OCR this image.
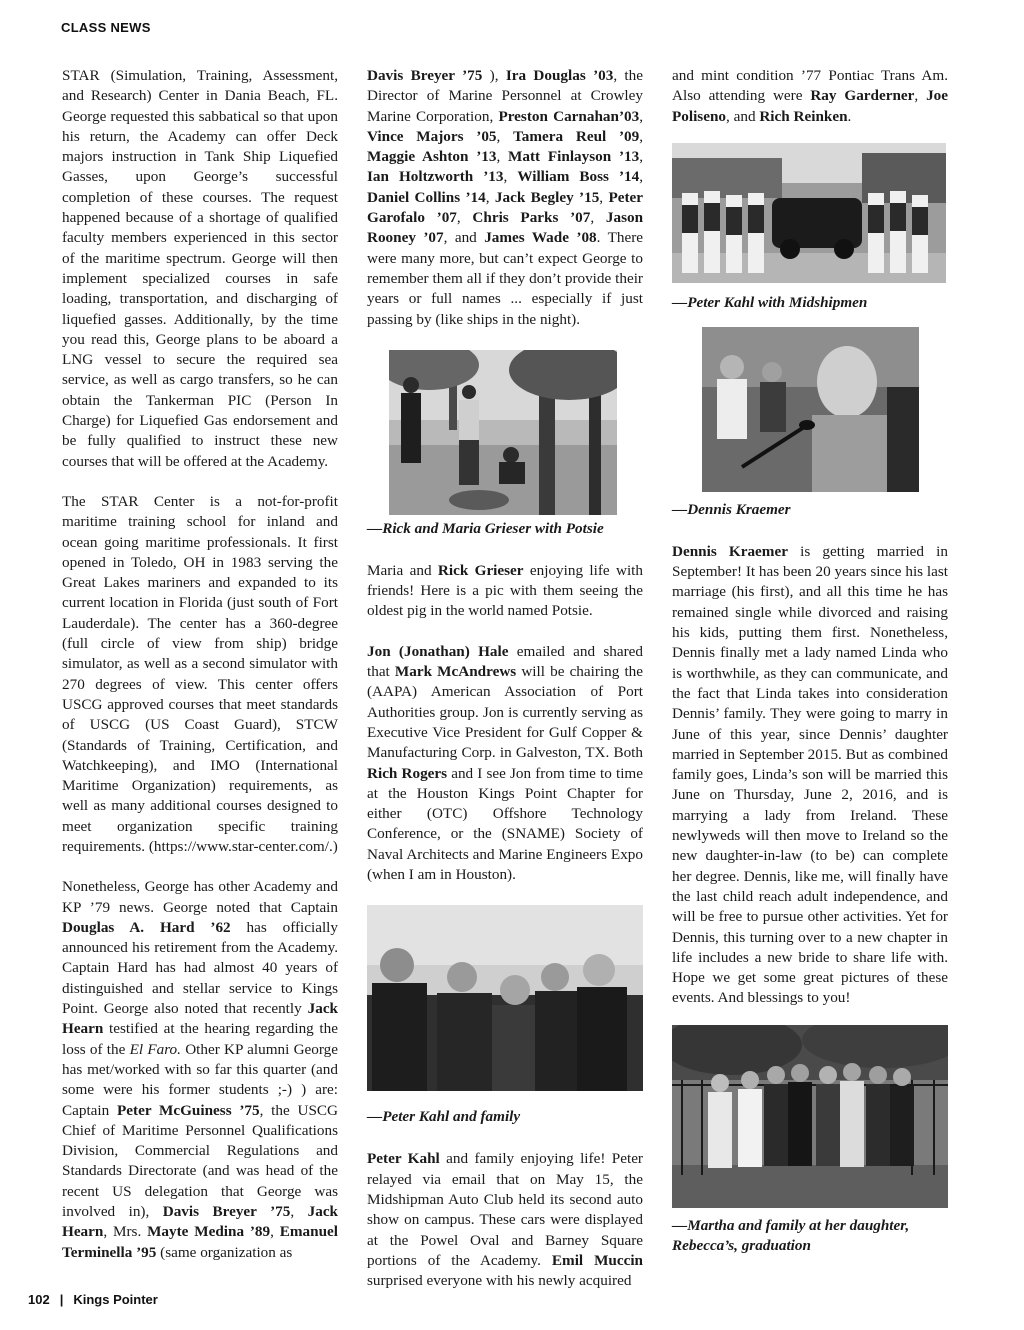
CLASS NEWS

STAR (Simulation, Training, Assessment, and Research) Center in Dania Beach, FL. George requested this sabbatical so that upon his return, the Academy can offer Deck majors instruction in Tank Ship Liquefied Gasses, upon George’s successful completion of these courses. The request happened because of a shortage of qualified faculty members experienced in this sector of the maritime spectrum. George will then implement specialized courses in safe loading, transportation, and discharging of liquefied gasses. Additionally, by the time you read this, George plans to be aboard a LNG vessel to secure the required sea service, as well as cargo transfers, so he can obtain the Tankerman PIC (Person In Charge) for Liquefied Gas endorsement and be fully qualified to instruct these new courses that will be offered at the Academy.

The STAR Center is a not-for-profit maritime training school for inland and ocean going maritime professionals. It first opened in Toledo, OH in 1983 serving the Great Lakes mariners and expanded to its current location in Florida (just south of Fort Lauderdale). The center has a 360-degree (full circle of view from ship) bridge simulator, as well as a second simulator with 270 degrees of view. This center offers USCG approved courses that meet standards of USCG (US Coast Guard), STCW (Standards of Training, Certification, and Watchkeeping), and IMO (International Maritime Organization) requirements, as well as many additional courses designed to meet organization specific training requirements. (https://www.star-center.com/.)

Nonetheless, George has other Academy and KP ’79 news. George noted that Captain Douglas A. Hard ’62 has officially announced his retirement from the Academy. Captain Hard has had almost 40 years of distinguished and stellar service to Kings Point. George also noted that recently Jack Hearn testified at the hearing regarding the loss of the El Faro. Other KP alumni George has met/worked with so far this quarter (and some were his former students ;-) ) are: Captain Peter McGuiness ’75, the USCG Chief of Maritime Personnel Qualifications Division, Commercial Regulations and Standards Directorate (and was head of the recent US delegation that George was involved in), Davis Breyer ’75, Jack Hearn, Mrs. Mayte Medina ’89, Emanuel Terminella ’95 (same organization as

Davis Breyer ’75 ), Ira Douglas ’03, the Director of Marine Personnel at Crowley Marine Corporation, Preston Carnahan’03, Vince Majors ’05, Tamera Reul ’09, Maggie Ashton ’13, Matt Finlayson ’13, Ian Holtzworth ’13, William Boss ’14, Daniel Collins ’14, Jack Begley ’15, Peter Garofalo ’07, Chris Parks ’07, Jason Rooney ’07, and James Wade ’08. There were many more, but can’t expect George to remember them all if they don’t provide their years or full names ... especially if just passing by (like ships in the night).

—Rick and Maria Grieser with Potsie

Maria and Rick Grieser enjoying life with friends! Here is a pic with them seeing the oldest pig in the world named Potsie.

Jon (Jonathan) Hale emailed and shared that Mark McAndrews will be chairing the (AAPA) American Association of Port Authorities group. Jon is currently serving as Executive Vice President for Gulf Copper & Manufacturing Corp. in Galveston, TX. Both Rich Rogers and I see Jon from time to time at the Houston Kings Point Chapter for either (OTC) Offshore Technology Conference, or the (SNAME) Society of Naval Architects and Marine Engineers Expo (when I am in Houston).

—Peter Kahl and family

Peter Kahl and family enjoying life! Peter relayed via email that on May 15, the Midshipman Auto Club held its second auto show on campus. These cars were displayed at the Powel Oval and Barney Square portions of the Academy. Emil Muccin surprised everyone with his newly acquired

and mint condition ’77 Pontiac Trans Am. Also attending were Ray Garderner, Joe Poliseno, and Rich Reinken.

—Peter Kahl with Midshipmen
—Dennis Kraemer

Dennis Kraemer is getting married in September! It has been 20 years since his last marriage (his first), and all this time he has remained single while divorced and raising his kids, putting them first. Nonetheless, Dennis finally met a lady named Linda who is worthwhile, as they can communicate, and the fact that Linda takes into consideration Dennis’ family. They were going to marry in June of this year, since Dennis’ daughter married in September 2015. But as combined family goes, Linda’s son will be married this June on Thursday, June 2, 2016, and is marrying a lady from Ireland. These newlyweds will then move to Ireland so the new daughter-in-law (to be) can complete her degree. Dennis, like me, will finally have the last child reach adult independence, and will be free to pursue other activities. Yet for Dennis, this turning over to a new chapter in life includes a new bride to share life with. Hope we get some great pictures of these events. And blessings to you!

—Martha and family at her daughter, Rebecca’s, graduation
102 | Kings Pointer
